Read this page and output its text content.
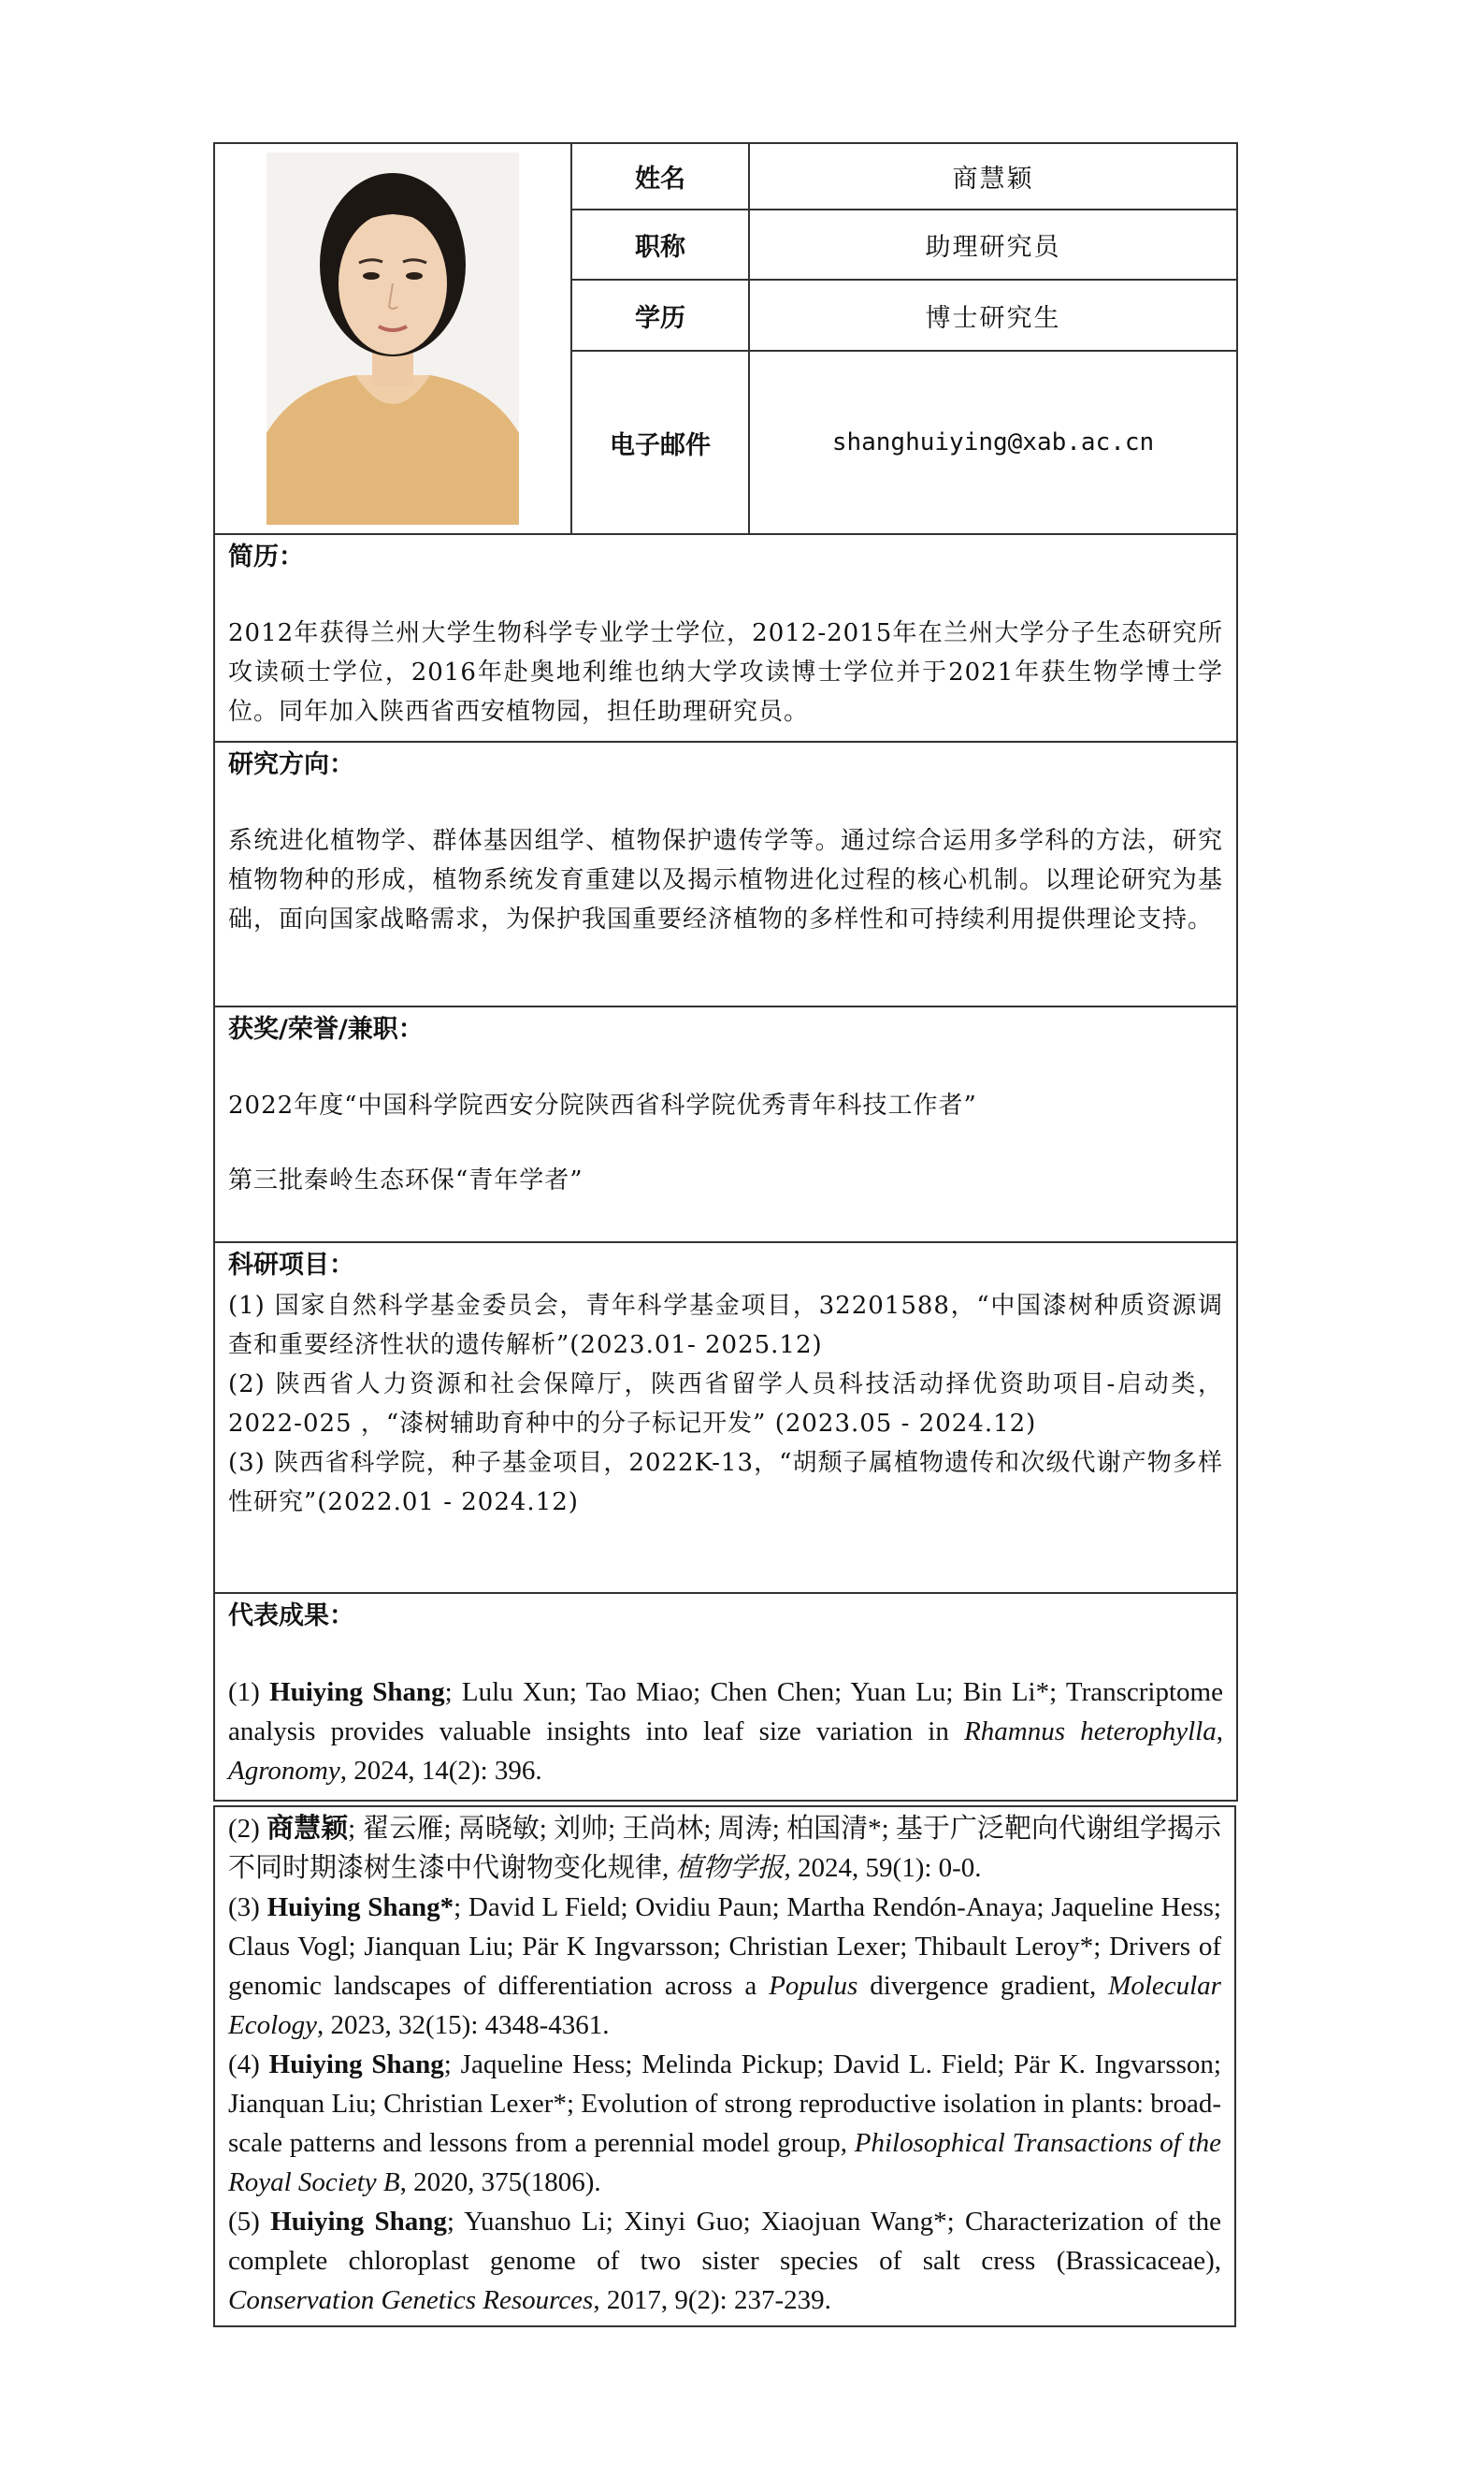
	姓名	商慧颖
	职称	助理研究员
	学历	博士研究生
	电子邮件	shanghuiying@xab.ac.cn

简历：
2012年获得兰州大学生物科学专业学士学位，2012-2015年在兰州大学分子生态研究所攻读硕士学位，2016年赴奥地利维也纳大学攻读博士学位并于2021年获生物学博士学位。同年加入陕西省西安植物园，担任助理研究员。		

研究方向：
系统进化植物学、群体基因组学、植物保护遗传学等。通过综合运用多学科的方法，研究植物物种的形成，植物系统发育重建以及揭示植物进化过程的核心机制。以理论研究为基础，面向国家战略需求，为保护我国重要经济植物的多样性和可持续利用提供理论支持。		

获奖/荣誉/兼职：
2022年度“中国科学院西安分院陕西省科学院优秀青年科技工作者”
第三批秦岭生态环保“青年学者”		

科研项目：
(1) 国家自然科学基金委员会，青年科学基金项目，32201588，“中国漆树种质资源调查和重要经济性状的遗传解析”(2023.01- 2025.12)
(2) 陕西省人力资源和社会保障厅，陕西省留学人员科技活动择优资助项目-启动类，2022-025 ，“漆树辅助育种中的分子标记开发” (2023.05 - 2024.12)
(3) 陕西省科学院，种子基金项目，2022K-13，“胡颓子属植物遗传和次级代谢产物多样性研究”(2022.01 - 2024.12)		

代表成果：
(1) Huiying Shang; Lulu Xun; Tao Miao; Chen Chen; Yuan Lu; Bin Li*; Transcriptome analysis provides valuable insights into leaf size variation in Rhamnus heterophylla, Agronomy, 2024, 14(2): 396.		
(2) 商慧颖; 翟云雁; 鬲晓敏; 刘帅; 王尚林; 周涛; 柏国清*; 基于广泛靶向代谢组学揭示不同时期漆树生漆中代谢物变化规律, 植物学报, 2024, 59(1): 0-0.
(3) Huiying Shang*; David L Field; Ovidiu Paun; Martha Rendón-Anaya; Jaqueline Hess; Claus Vogl; Jianquan Liu; Pär K Ingvarsson; Christian Lexer; Thibault Leroy*; Drivers of genomic landscapes of differentiation across a Populus divergence gradient, Molecular Ecology, 2023, 32(15): 4348-4361.
(4) Huiying Shang; Jaqueline Hess; Melinda Pickup; David L. Field; Pär K. Ingvarsson; Jianquan Liu; Christian Lexer*; Evolution of strong reproductive isolation in plants: broad-scale patterns and lessons from a perennial model group, Philosophical Transactions of the Royal Society B, 2020, 375(1806).
(5) Huiying Shang; Yuanshuo Li; Xinyi Guo; Xiaojuan Wang*; Characterization of the complete chloroplast genome of two sister species of salt cress (Brassicaceae), Conservation Genetics Resources, 2017, 9(2): 237-239.
